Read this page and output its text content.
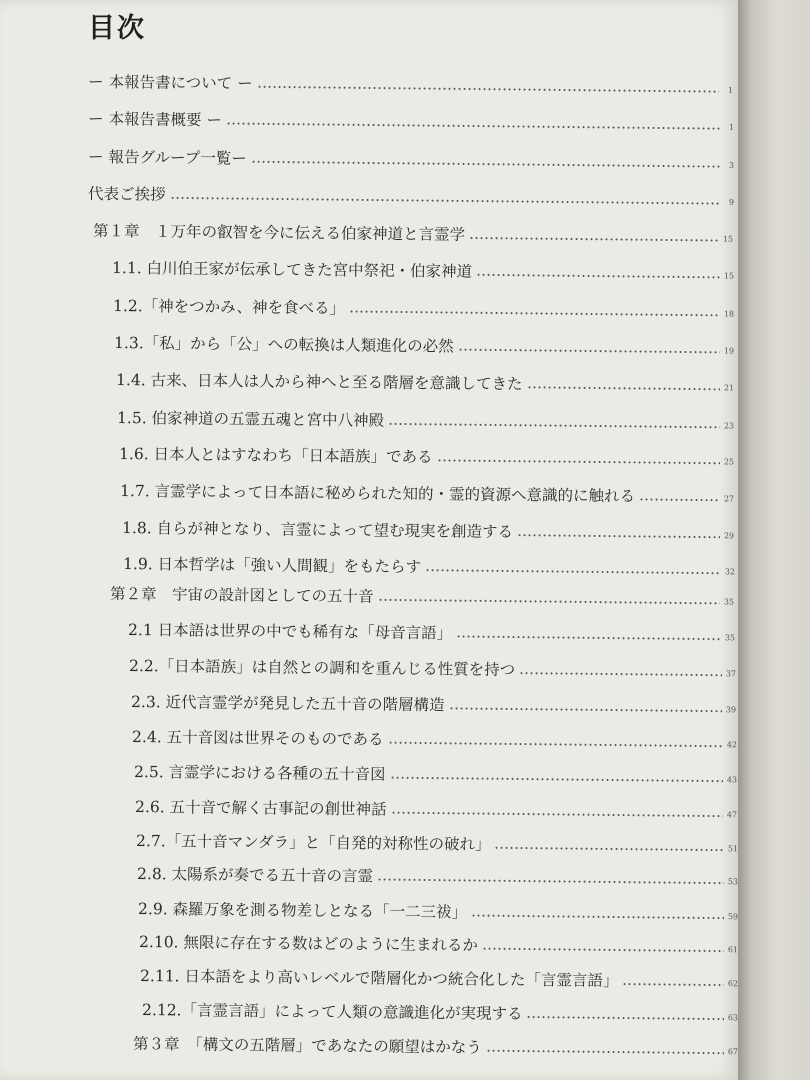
目次
ー 本報告書について ー	1
ー 本報告書概要 ー	1
ー 報告グループ一覧ー	3
代表ご挨拶	9
第１章　１万年の叡智を今に伝える伯家神道と言霊学	15
1.1. 白川伯王家が伝承してきた宮中祭祀・伯家神道	15
1.2.「神をつかみ、神を食べる」	18
1.3.「私」から「公」への転換は人類進化の必然	19
1.4. 古来、日本人は人から神へと至る階層を意識してきた	21
1.5. 伯家神道の五霊五魂と宮中八神殿	23
1.6. 日本人とはすなわち「日本語族」である	25
1.7. 言霊学によって日本語に秘められた知的・霊的資源へ意識的に触れる	27
1.8. 自らが神となり、言霊によって望む現実を創造する	29
1.9. 日本哲学は「強い人間観」をもたらす	32
第２章　宇宙の設計図としての五十音	35
2.1 日本語は世界の中でも稀有な「母音言語」	35
2.2.「日本語族」は自然との調和を重んじる性質を持つ	37
2.3. 近代言霊学が発見した五十音の階層構造	39
2.4. 五十音図は世界そのものである	42
2.5. 言霊学における各種の五十音図	43
2.6. 五十音で解く古事記の創世神話	47
2.7.「五十音マンダラ」と「自発的対称性の破れ」	51
2.8. 太陽系が奏でる五十音の言霊	53
2.9. 森羅万象を測る物差しとなる「一二三祓」	59
2.10. 無限に存在する数はどのように生まれるか	61
2.11. 日本語をより高いレベルで階層化かつ統合化した「言霊言語」	62
2.12.「言霊言語」によって人類の意識進化が実現する	63
第３章　「構文の五階層」であなたの願望はかなう	67
